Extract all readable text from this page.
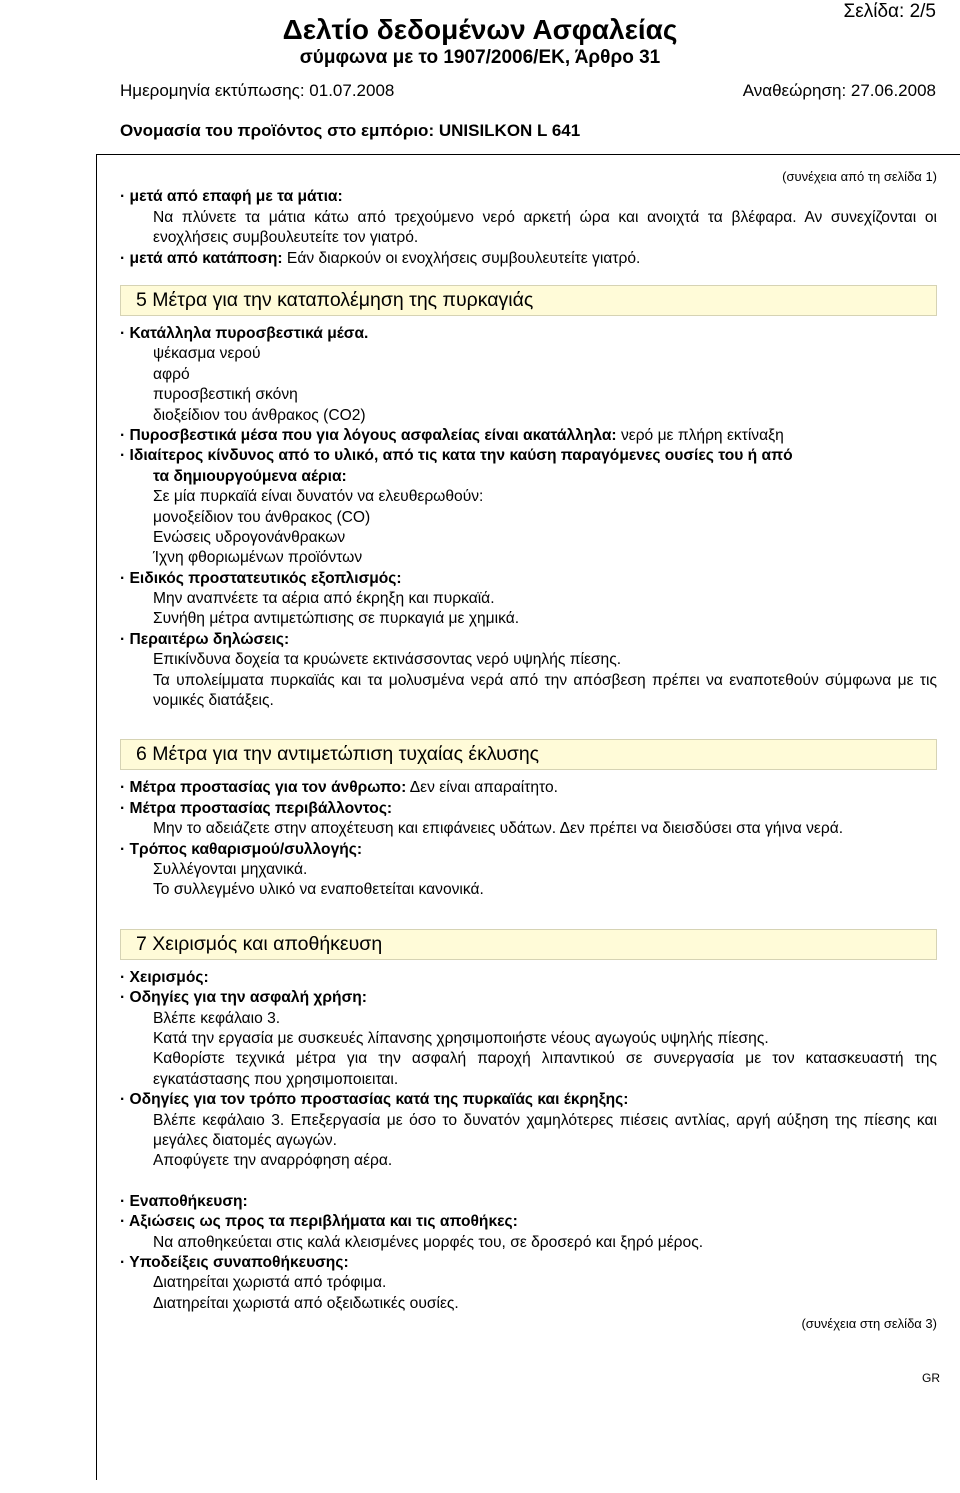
Σελίδα: 2/5
Δελτίο δεδομένων Ασφαλείας
σύμφωνα με το 1907/2006/ΕΚ, Άρθρο 31
Ημερομηνία εκτύπωσης: 01.07.2008	Αναθεώρηση: 27.06.2008
Ονομασία του προϊόντος στο εμπόριο: UNISILKON L 641
(συνέχεια από τη σελίδα 1)
· μετά από επαφή με τα μάτια:
Να πλύνετε τα μάτια κάτω από τρεχούμενο νερό αρκετή ώρα και ανοιχτά τα βλέφαρα. Αν συνεχίζονται οι ενοχλήσεις συμβουλευτείτε τον γιατρό.
· μετά από κατάποση: Εάν διαρκούν οι ενοχλήσεις συμβουλευτείτε γιατρό.
5 Μέτρα για την καταπολέμηση της πυρκαγιάς
· Κατάλληλα πυροσβεστικά μέσα.
ψέκασμα νερού
αφρό
πυροσβεστική σκόνη
διοξείδιον του άνθρακος (CO2)
· Πυροσβεστικά μέσα που για λόγους ασφαλείας είναι ακατάλληλα: νερό με πλήρη εκτίναξη
· Ιδιαίτερος κίνδυνος από το υλικό, από τις κατα την καύση παραγόμενες ουσίες του ή από
τα δημιουργούμενα αέρια:
Σε μία πυρκαϊά είναι δυνατόν να ελευθερωθούν:
μονοξείδιον του άνθρακος (CO)
Ενώσεις υδρογονάνθρακων
Ίχνη φθοριωμένων προϊόντων
· Ειδικός προστατευτικός εξοπλισμός:
Μην αναπνέετε τα αέρια από έκρηξη και πυρκαϊά.
Συνήθη μέτρα αντιμετώπισης σε πυρκαγιά με χημικά.
· Περαιτέρω δηλώσεις:
Επικίνδυνα δοχεία τα κρυώνετε εκτινάσσοντας νερό υψηλής πίεσης.
Τα υπολείμματα πυρκαϊάς και τα μολυσμένα νερά από την απόσβεση πρέπει να εναποτεθούν σύμφωνα με τις νομικές διατάξεις.
6 Μέτρα για την αντιμετώπιση τυχαίας έκλυσης
· Μέτρα προστασίας για τον άνθρωπο: Δεν είναι απαραίτητο.
· Μέτρα προστασίας περιβάλλοντος:
Μην το αδειάζετε στην αποχέτευση και επιφάνειες υδάτων. Δεν πρέπει να διεισδύσει στα γήινα νερά.
· Τρόπος καθαρισμού/συλλογής:
Συλλέγονται μηχανικά.
Το συλλεγμένο υλικό να εναποθετείται κανονικά.
7 Χειρισμός και αποθήκευση
· Χειρισμός:
· Οδηγίες για την ασφαλή χρήση:
Βλέπε κεφάλαιο 3.
Κατά την εργασία με συσκευές λίπανσης χρησιμοποιήστε νέους αγωγούς υψηλής πίεσης.
Καθορίστε τεχνικά μέτρα για την ασφαλή παροχή λιπαντικού σε συνεργασία με τον κατασκευαστή της εγκατάστασης που χρησιμοποιειται.
· Οδηγίες για τον τρόπο προστασίας κατά της πυρκαϊάς και έκρηξης:
Βλέπε κεφάλαιο 3. Επεξεργασία με όσο το δυνατόν χαμηλότερες πιέσεις αντλίας, αργή αύξηση της πίεσης και μεγάλες διατομές αγωγών.
Αποφύγετε την αναρρόφηση αέρα.
· Εναποθήκευση:
· Αξιώσεις ως προς τα περιβλήματα και τις αποθήκες:
Να αποθηκεύεται στις καλά κλεισμένες μορφές του, σε δροσερό και ξηρό μέρος.
· Υποδείξεις συναποθήκευσης:
Διατηρείται χωριστά από τρόφιμα.
Διατηρείται χωριστά από οξειδωτικές ουσίες.
(συνέχεια στη σελίδα 3)
GR
